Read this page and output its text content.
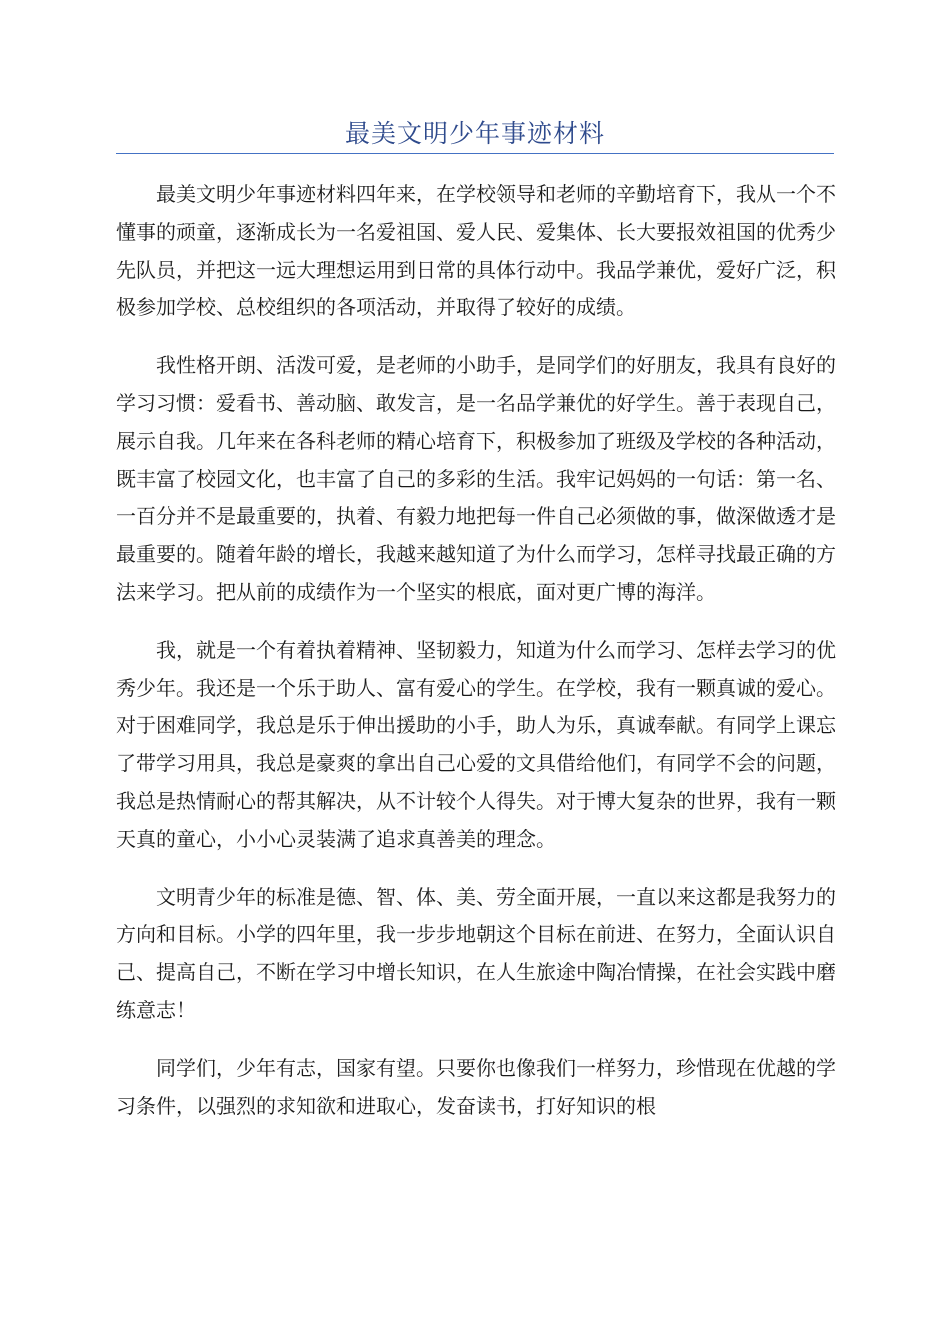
最美文明少年事迹材料

最美文明少年事迹材料四年来，在学校领导和老师的辛勤培育下，我从一个不懂事的顽童，逐渐成长为一名爱祖国、爱人民、爱集体、长大要报效祖国的优秀少先队员，并把这一远大理想运用到日常的具体行动中。我品学兼优，爱好广泛，积极参加学校、总校组织的各项活动，并取得了较好的成绩。

我性格开朗、活泼可爱，是老师的小助手，是同学们的好朋友，我具有良好的学习习惯：爱看书、善动脑、敢发言，是一名品学兼优的好学生。善于表现自己，展示自我。几年来在各科老师的精心培育下，积极参加了班级及学校的各种活动，既丰富了校园文化，也丰富了自己的多彩的生活。我牢记妈妈的一句话：第一名、一百分并不是最重要的，执着、有毅力地把每一件自己必须做的事，做深做透才是最重要的。随着年龄的增长，我越来越知道了为什么而学习，怎样寻找最正确的方法来学习。把从前的成绩作为一个坚实的根底，面对更广博的海洋。

我，就是一个有着执着精神、坚韧毅力，知道为什么而学习、怎样去学习的优秀少年。我还是一个乐于助人、富有爱心的学生。在学校，我有一颗真诚的爱心。对于困难同学，我总是乐于伸出援助的小手，助人为乐，真诚奉献。有同学上课忘了带学习用具，我总是豪爽的拿出自己心爱的文具借给他们，有同学不会的问题，我总是热情耐心的帮其解决，从不计较个人得失。对于博大复杂的世界，我有一颗天真的童心，小小心灵装满了追求真善美的理念。

文明青少年的标准是德、智、体、美、劳全面开展，一直以来这都是我努力的方向和目标。小学的四年里，我一步步地朝这个目标在前进、在努力，全面认识自己、提高自己，不断在学习中增长知识，在人生旅途中陶冶情操，在社会实践中磨练意志！

同学们，少年有志，国家有望。只要你也像我们一样努力，珍惜现在优越的学习条件，以强烈的求知欲和进取心，发奋读书，打好知识的根
